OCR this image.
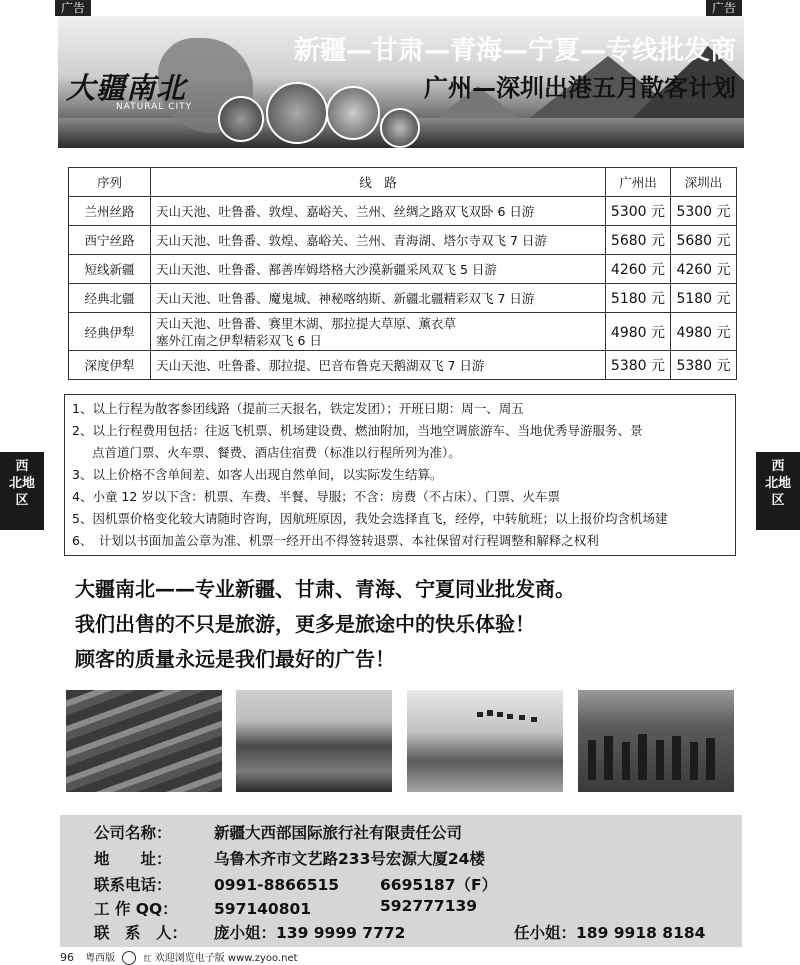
广告	广告
大疆南北
NATURAL CITY
新疆—甘肃—青海—宁夏—专线批发商
广州—深圳出港五月散客计划
序列	线　路	广州出	深圳出
兰州丝路	天山天池、吐鲁番、敦煌、嘉峪关、兰州、丝绸之路双飞双卧 6 日游	5300 元	5300 元
西宁丝路	天山天池、吐鲁番、敦煌、嘉峪关、兰州、青海湖、塔尔寺双飞 7 日游	5680 元	5680 元
短线新疆	天山天池、吐鲁番、鄯善库姆塔格大沙漠新疆采风双飞 5 日游	4260 元	4260 元
经典北疆	天山天池、吐鲁番、魔鬼城、神秘喀纳斯、新疆北疆精彩双飞 7 日游	5180 元	5180 元
经典伊犁	天山天池、吐鲁番、赛里木湖、那拉提大草原、薰衣草
塞外江南之伊犁精彩双飞 6 日	4980 元	4980 元
深度伊犁	天山天池、吐鲁番、那拉提、巴音布鲁克天鹅湖双飞 7 日游	5380 元	5380 元
1、以上行程为散客参团线路（提前三天报名，铁定发团）；开班日期：周一、周五
2、以上行程费用包括：往返飞机票、机场建设费、燃油附加，当地空调旅游车、当地优秀导游服务、景
点首道门票、火车票、餐费、酒店住宿费（标准以行程所列为准）。
3、以上价格不含单间差、如客人出现自然单间，以实际发生结算。
4、小童 12 岁以下含：机票、车费、半餐、导服；不含：房费（不占床）、门票、火车票
5、因机票价格变化较大请随时咨询，因航班原因，我处会选择直飞，经停，中转航班；以上报价均含机场建
6、　计划以书面加盖公章为准、机票一经开出不得签转退票、本社保留对行程调整和解释之权利
西
北地
区
西
北地
区
大疆南北——专业新疆、甘肃、青海、宁夏同业批发商。
我们出售的不只是旅游，更多是旅途中的快乐体验！
顾客的质量永远是我们最好的广告！
公司名称：	新疆大西部国际旅行社有限责任公司
地　　址：	乌鲁木齐市文艺路233号宏源大厦24楼
联系电话：	0991-8866515	6695187（F）
工 作 QQ： 597140801	592777139
联　系　人： 庞小姐：139 9999 7772	任小姐：189 9918 8184
96 粤西版	红 欢迎浏览电子版 www.zyoo.net
